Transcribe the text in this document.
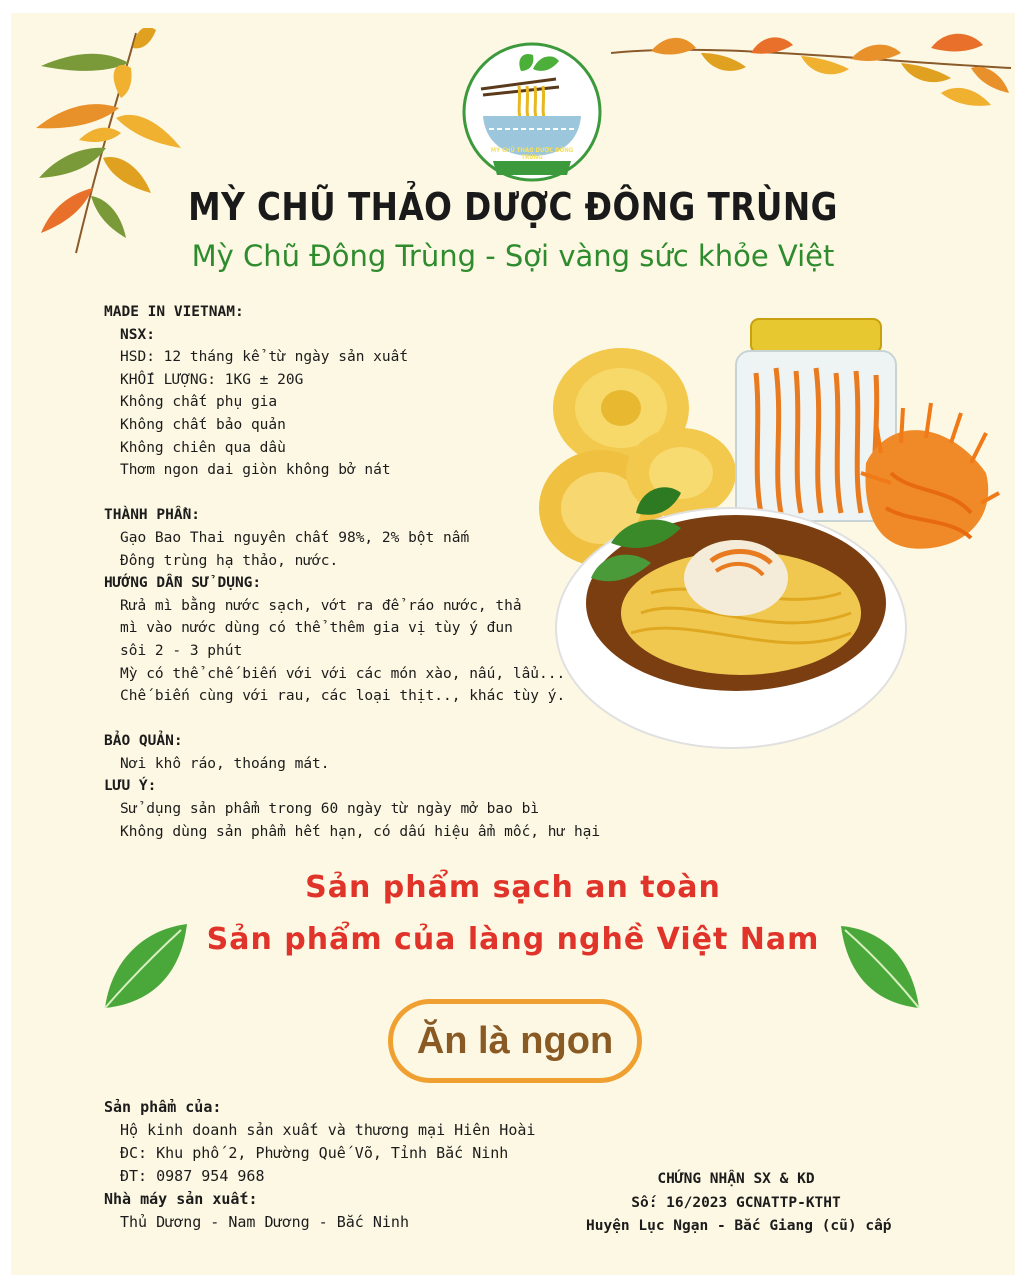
MỲ CHŨ THẢO DƯỢC ĐÔNG TRÙNG
MỲ CHŨ THẢO DƯỢC ĐÔNG TRÙNG
Mỳ Chũ Đông Trùng - Sợi vàng sức khỏe Việt
MADE IN VIETNAM:
NSX:
HSD: 12 tháng kể từ ngày sản xuất
KHỐI LƯỢNG: 1KG ± 20G
Không chất phụ gia
Không chất bảo quản
Không chiên qua dầu
Thơm ngon dai giòn không bở nát
THÀNH PHẦN:
Gạo Bao Thai nguyên chất 98%, 2% bột nấm
Đông trùng hạ thảo, nước.
HƯỚNG DẪN SỬ DỤNG:
Rửa mì bằng nước sạch, vớt ra để ráo nước, thả
mì vào nước dùng có thể thêm gia vị tùy ý đun
sôi 2 - 3 phút
Mỳ có thể chế biến với với các món xào, nấu, lẩu...
Chế biến cùng với rau, các loại thịt.., khác tùy ý.
BẢO QUẢN:
Nơi khô ráo, thoáng mát.
LƯU Ý:
Sử dụng sản phẩm trong 60 ngày từ ngày mở bao bì
Không dùng sản phẩm hết hạn, có dấu hiệu ẩm mốc, hư hại
Sản phẩm sạch an toàn
Sản phẩm của làng nghề Việt Nam
Ăn là ngon
Sản phẩm của:
Hộ kinh doanh sản xuất và thương mại Hiên Hoài
ĐC: Khu phố 2, Phường Quế Võ, Tỉnh Bắc Ninh
ĐT: 0987 954 968
Nhà máy sản xuất:
Thủ Dương - Nam Dương - Bắc Ninh
CHỨNG NHẬN SX & KD
Số: 16/2023 GCNATTP-KTHT
Huyện Lục Ngạn - Bắc Giang (cũ) cấp
